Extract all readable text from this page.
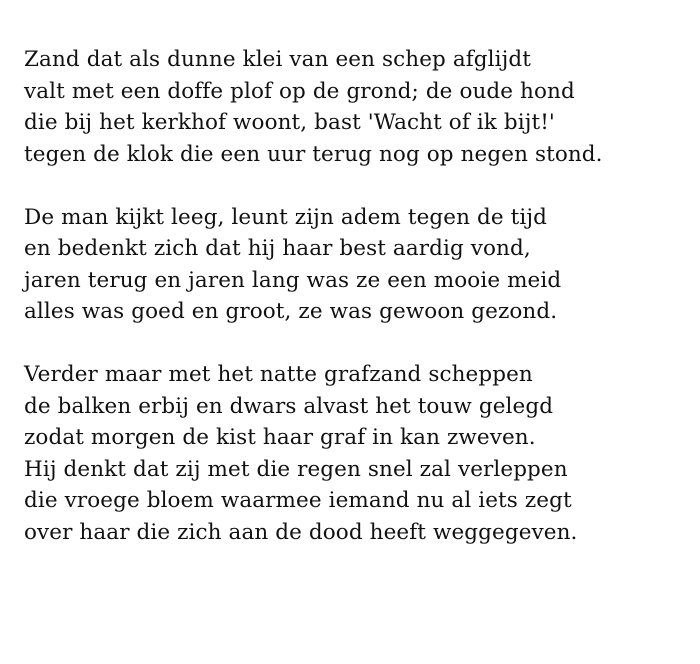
Zand dat als dunne klei van een schep afglijdt
valt met een doffe plof op de grond; de oude hond
die bij het kerkhof woont, bast 'Wacht of ik bijt!'
tegen de klok die een uur terug nog op negen stond.
De man kijkt leeg, leunt zijn adem tegen de tijd
en bedenkt zich dat hij haar best aardig vond,
jaren terug en jaren lang was ze een mooie meid
alles was goed en groot, ze was gewoon gezond.
Verder maar met het natte grafzand scheppen
de balken erbij en dwars alvast het touw gelegd
zodat morgen de kist haar graf in kan zweven.
Hij denkt dat zij met die regen snel zal verleppen
die vroege bloem waarmee iemand nu al iets zegt
over haar die zich aan de dood heeft weggegeven.
